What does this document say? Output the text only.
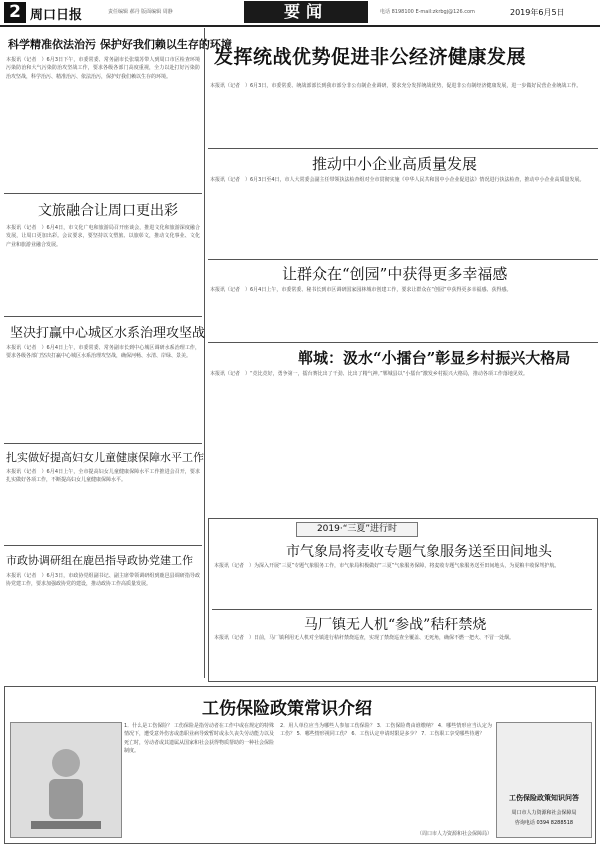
2 周口日报	责任编辑 郝丹 版面编辑 周静	要闻	电话 8198100 E-mail:zkrbgj@126.com	2019年6月5日
科学精准依法治污 保护好我们赖以生存的环境
本报讯（记者　）6月3日下午，市委常委、常务副市长张瑞苏带人到周口市区检查环境污染防治和大气污染防治攻坚战工作，要求各级各部门高度重视，全力以赴打好污染防治攻坚战，科学治污、精准治污、依法治污，保护好我们赖以生存的环境。
文旅融合让周口更出彩
本报讯（记者　）6月4日，市文化广电和旅游局召开座谈会，推进文化和旅游深度融合发展，让周口更加出彩。会议要求，要坚持以文塑旅、以旅彰文，推动文化事业、文化产业和旅游业融合发展。
坚决打赢中心城区水系治理攻坚战
本报讯（记者　）6月4日上午，市委常委、常务副市长到中心城区调研水系治理工作，要求各级各部门坚决打赢中心城区水系治理攻坚战，确保河畅、水清、岸绿、景美。
扎实做好提高妇女儿童健康保障水平工作
本报讯（记者　）6月4日上午，全市提高妇女儿童健康保障水平工作推进会召开，要求扎实做好各项工作，不断提高妇女儿童健康保障水平。
市政协调研组在鹿邑指导政协党建工作
本报讯（记者　）6月3日，市政协党组副书记、副主席带领调研组到鹿邑县调研指导政协党建工作，要求加强政协党的建设，推动政协工作高质量发展。
发挥统战优势促进非公经济健康发展
本报讯（记者　）6月3日，市委常委、统战部部长到我市部分非公有制企业调研，要求充分发挥统战优势，促进非公有制经济健康发展，进一步做好民营企业统战工作。
推动中小企业高质量发展
本报讯（记者　）6月3日至4日，市人大常委会副主任带领执法检查组对全市贯彻实施《中华人民共和国中小企业促进法》情况进行执法检查，推动中小企业高质量发展。
让群众在“创园”中获得更多幸福感
本报讯（记者　）6月4日上午，市委常委、秘书长到市区调研国家园林城市创建工作，要求让群众在“创园”中获得更多幸福感、获得感。
郸城：汲水“小擂台”彰显乡村振兴大格局
本报讯（记者　）“竞比竞好，勇争第一，擂台赛比出了干劲、比出了精气神。”郸城县以“小擂台”激发乡村振兴大格局，推动各项工作落地见效。
2019·“三夏”进行时
市气象局将麦收专题气象服务送至田间地头
本报讯（记者　）为深入开展“三夏”专题气象服务工作，市气象局积极做好“三夏”气象服务保障，将麦收专题气象服务送至田间地头，为夏粮丰收保驾护航。
马厂镇无人机“参战”秸秆禁烧
本报讯（记者　）日前，马厂镇利用无人机对全镇进行秸秆禁烧巡查，实现了禁烧巡查全覆盖、无死角，确保不燃一把火、不冒一处烟。
工伤保险政策常识介绍
1．什么是工伤保险？ 工伤保险是指劳动者在工作中或在规定的特殊情况下，遭受意外伤害或患职业病导致暂时或永久丧失劳动能力以及死亡时，劳动者或其遗属从国家和社会获得物质帮助的一种社会保险制度。
2．用人单位应当为哪些人参加工伤保险？ 3．工伤保险费由谁缴纳？ 4．哪些情形应当认定为工伤？ 5．哪些情形视同工伤？ 6．工伤认定申请时限是多少？ 7．工伤职工享受哪些待遇？
（周口市人力资源和社会保障局）
工伤保险政策知识问答
周口市人力资源和社会保障局
咨询电话 0394 8288518
